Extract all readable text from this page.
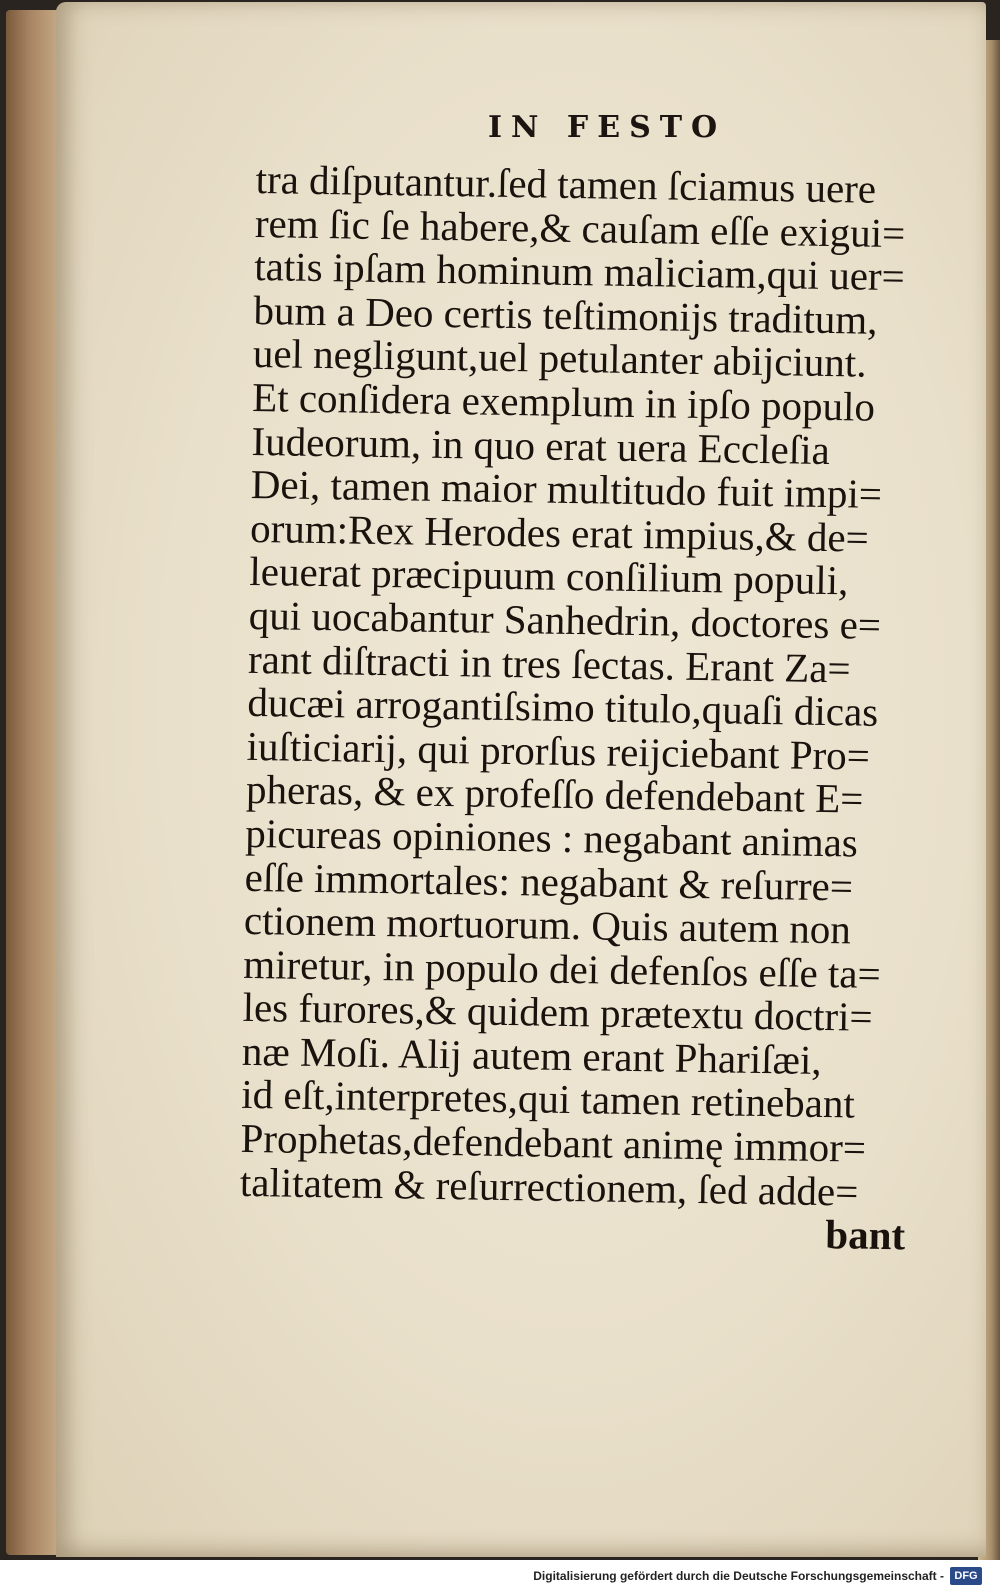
IN FESTO
tra diſputantur.ſed tamen ſciamus uere
rem ſic ſe habere,& cauſam eſſe exigui=
tatis ipſam hominum maliciam,qui uer=
bum a Deo certis teſtimonijs traditum,
uel negligunt,uel petulanter abijciunt.
Et conſidera exemplum in ipſo populo
Iudeorum, in quo erat uera Eccleſia
Dei, tamen maior multitudo fuit impi=
orum:Rex Herodes erat impius,& de=
leuerat præcipuum conſilium populi,
qui uocabantur Sanhedrin, doctores e=
rant diſtracti in tres ſectas. Erant Za=
ducæi arrogantiſsimo titulo,quaſi dicas
iuſticiarij, qui prorſus reijciebant Pro=
pheras, & ex profeſſo defendebant E=
picureas opiniones : negabant animas
eſſe immortales: negabant & reſurre=
ctionem mortuorum. Quis autem non
miretur, in populo dei defenſos eſſe ta=
les furores,& quidem prætextu doctri=
næ Moſi. Alij autem erant Phariſæi,
id eſt,interpretes,qui tamen retinebant
Prophetas,defendebant animę immor=
talitatem & reſurrectionem, ſed adde=
bant
Digitalisierung gefördert durch die Deutsche Forschungsgemeinschaft - DFG
